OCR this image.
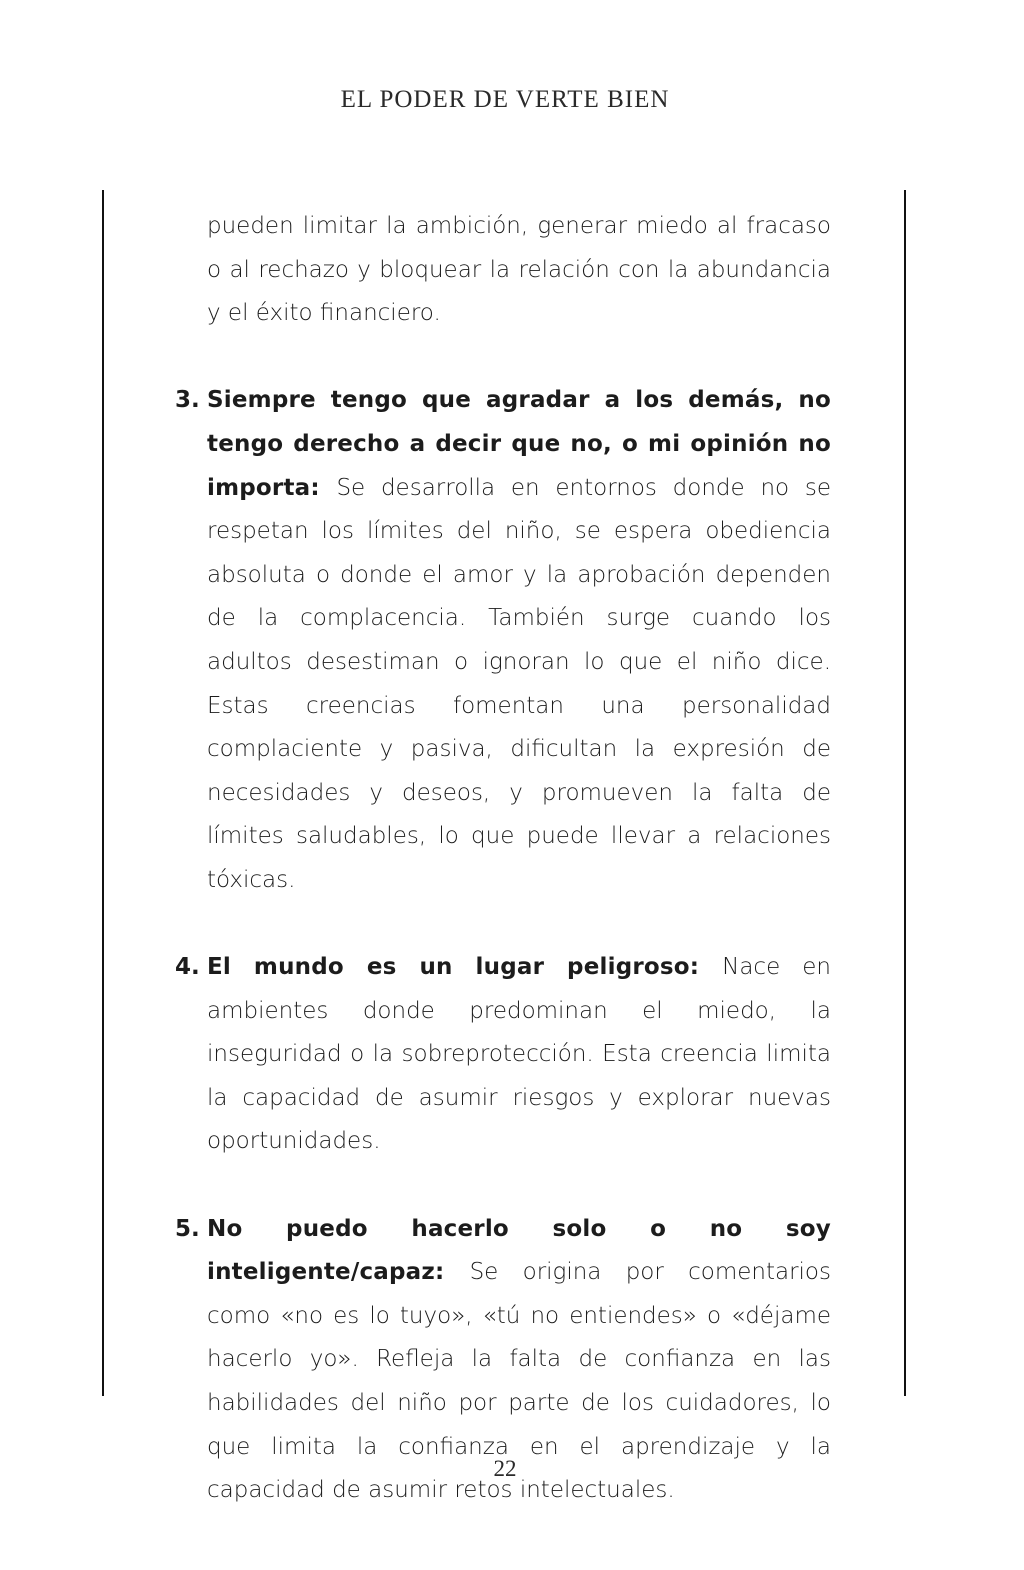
EL PODER DE VERTE BIEN

pueden limitar la ambición, generar miedo al fracaso o al rechazo y bloquear la relación con la abundancia y el éxito financiero.

3. Siempre tengo que agradar a los demás, no tengo derecho a decir que no, o mi opinión no importa: Se desarrolla en entornos donde no se respetan los límites del niño, se espera obediencia absoluta o donde el amor y la aprobación dependen de la complacencia. También surge cuando los adultos desestiman o ignoran lo que el niño dice. Estas creencias fomentan una personalidad complaciente y pasiva, dificultan la expresión de necesidades y deseos, y promueven la falta de límites saludables, lo que puede llevar a relaciones tóxicas.

4. El mundo es un lugar peligroso: Nace en ambientes donde predominan el miedo, la inseguridad o la sobreprotección. Esta creencia limita la capacidad de asumir riesgos y explorar nuevas oportunidades.

5. No puedo hacerlo solo o no soy inteligente/capaz: Se origina por comentarios como «no es lo tuyo», «tú no entiendes» o «déjame hacerlo yo». Refleja la falta de confianza en las habilidades del niño por parte de los cuidadores, lo que limita la confianza en el aprendizaje y la capacidad de asumir retos intelectuales.

22
